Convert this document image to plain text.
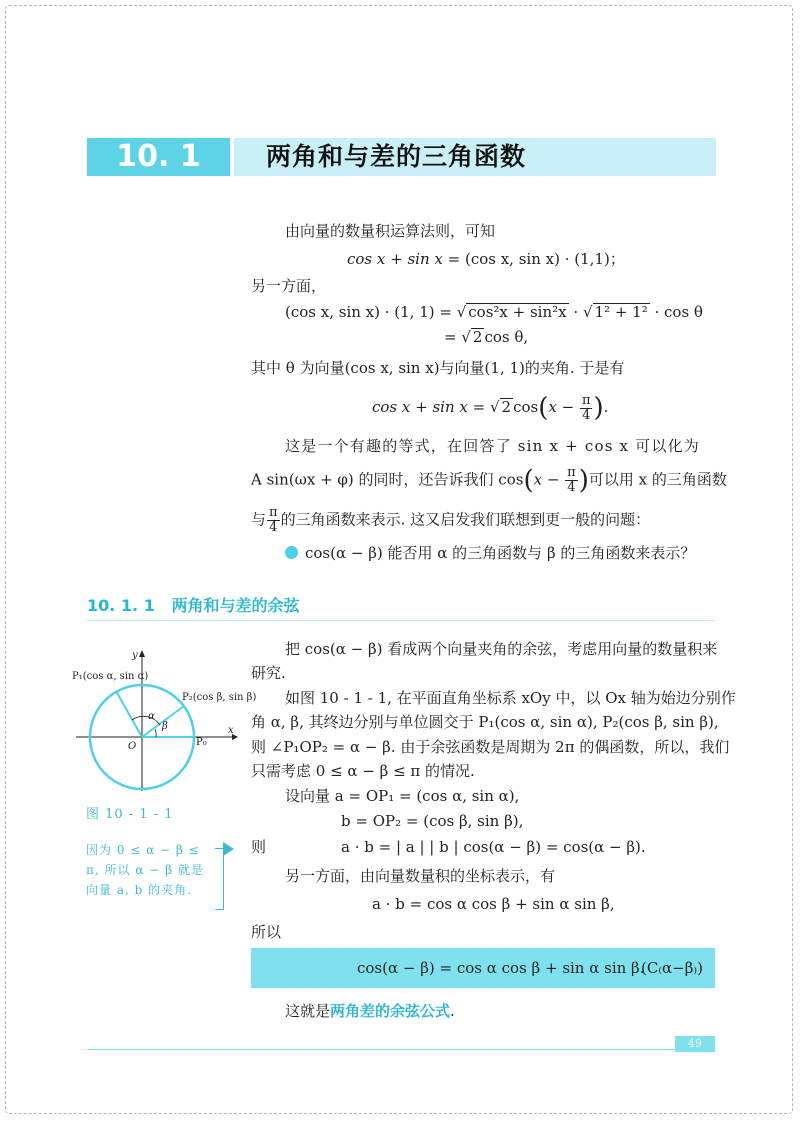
10. 1	两角和与差的三角函数
由向量的数量积运算法则，可知
cos x + sin x = (cos x, sin x) · (1,1)；
另一方面，
(cos x, sin x) · (1, 1) = √ cos²x + sin²x · √ 1² + 1² · cos θ
= √ 2 cos θ,
其中 θ 为向量(cos x, sin x)与向量(1, 1)的夹角. 于是有
cos x + sin x = √ 2 $\cos(x - \frac{\pi}{4}$ ).
这是一个有趣的等式，在回答了 sin x + cos x 可以化为
A sin(ωx + φ) 的同时，还告诉我们 $\cos(x - \frac{\pi}{4}$ )可以用 x 的三角函数
与 $\frac{\pi}{4}$ 的三角函数来表示. 这又启发我们联想到更一般的问题：
cos(α − β) 能否用 α 的三角函数与 β 的三角函数来表示？
10. 1. 1 两角和与差的余弦
y
x
O
P₁(cos α, sin α)
P₂(cos β, sin β)
P₀
α
β
图 10 - 1 - 1
因为 0 ≤ α − β ≤ π, 所以 α − β 就是向量 a, b 的夹角.
把 cos(α − β) 看成两个向量夹角的余弦，考虑用向量的数量积来
研究.
如图 10 - 1 - 1, 在平面直角坐标系 xOy 中，以 Ox 轴为始边分别作
角 α, β, 其终边分别与单位圆交于 P₁(cos α, sin α), P₂(cos β, sin β),
则 ∠P₁OP₂ = α − β. 由于余弦函数是周期为 2π 的偶函数，所以，我们
只需考虑 0 ≤ α − β ≤ π 的情况.
设向量 a = OP₁ = (cos α, sin α),
b = OP₂ = (cos β, sin β),
则	a · b = | a | | b | cos(α − β) = cos(α − β).
另一方面，由向量数量积的坐标表示，有
a · b = cos α cos β + sin α sin β,
所以
cos(α − β) = cos α cos β + sin α sin β.
(C₍α−β₎)
这就是两角差的余弦公式.
49
